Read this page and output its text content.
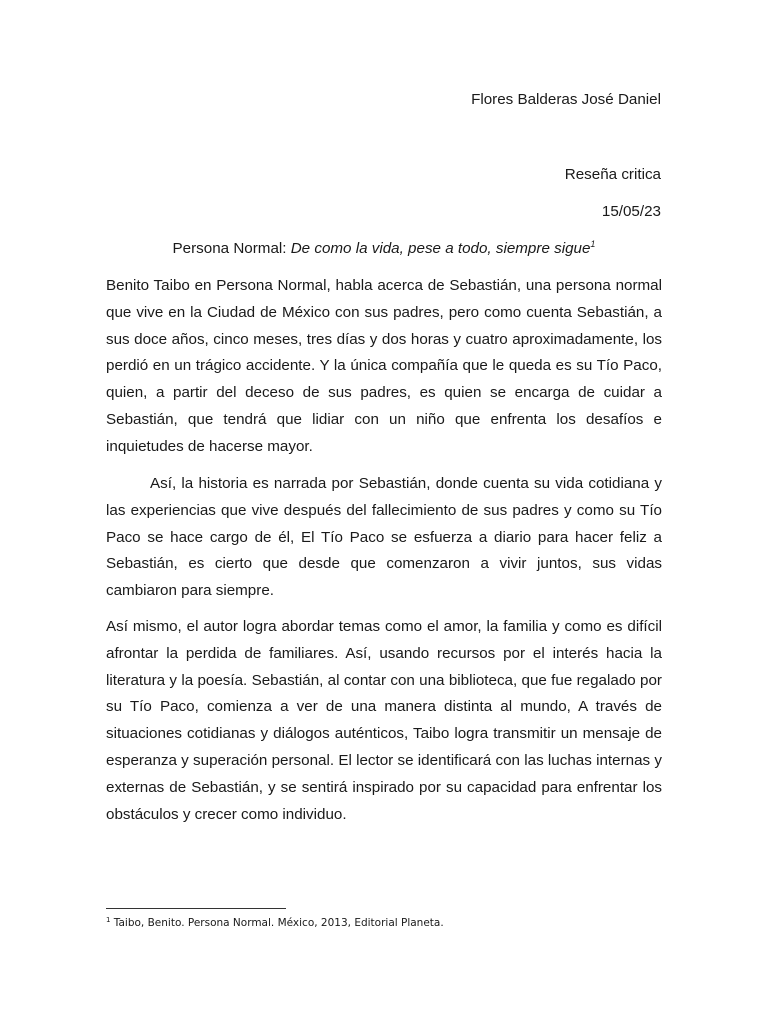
Flores Balderas José Daniel
Reseña critica
15/05/23
Persona Normal: De como la vida, pese a todo, siempre sigue$^1$

Benito Taibo en Persona Normal, habla acerca de Sebastián, una persona normal que vive en la Ciudad de México con sus padres, pero como cuenta Sebastián, a sus doce años, cinco meses, tres días y dos horas y cuatro aproximadamente, los perdió en un trágico accidente. Y la única compañía que le queda es su Tío Paco, quien, a partir del deceso de sus padres, es quien se encarga de cuidar a Sebastián, que tendrá que lidiar con un niño que enfrenta los desafíos e inquietudes de hacerse mayor.

Así, la historia es narrada por Sebastián, donde cuenta su vida cotidiana y las experiencias que vive después del fallecimiento de sus padres y como su Tío Paco se hace cargo de él, El Tío Paco se esfuerza a diario para hacer feliz a Sebastián, es cierto que desde que comenzaron a vivir juntos, sus vidas cambiaron para siempre.

Así mismo, el autor logra abordar temas como el amor, la familia y como es difícil afrontar la perdida de familiares. Así, usando recursos por el interés hacia la literatura y la poesía. Sebastián, al contar con una biblioteca, que fue regalado por su Tío Paco, comienza a ver de una manera distinta al mundo, A través de situaciones cotidianas y diálogos auténticos, Taibo logra transmitir un mensaje de esperanza y superación personal. El lector se identificará con las luchas internas y externas de Sebastián, y se sentirá inspirado por su capacidad para enfrentar los obstáculos y crecer como individuo.

$^1$ Taibo, Benito. Persona Normal. México, 2013, Editorial Planeta.
